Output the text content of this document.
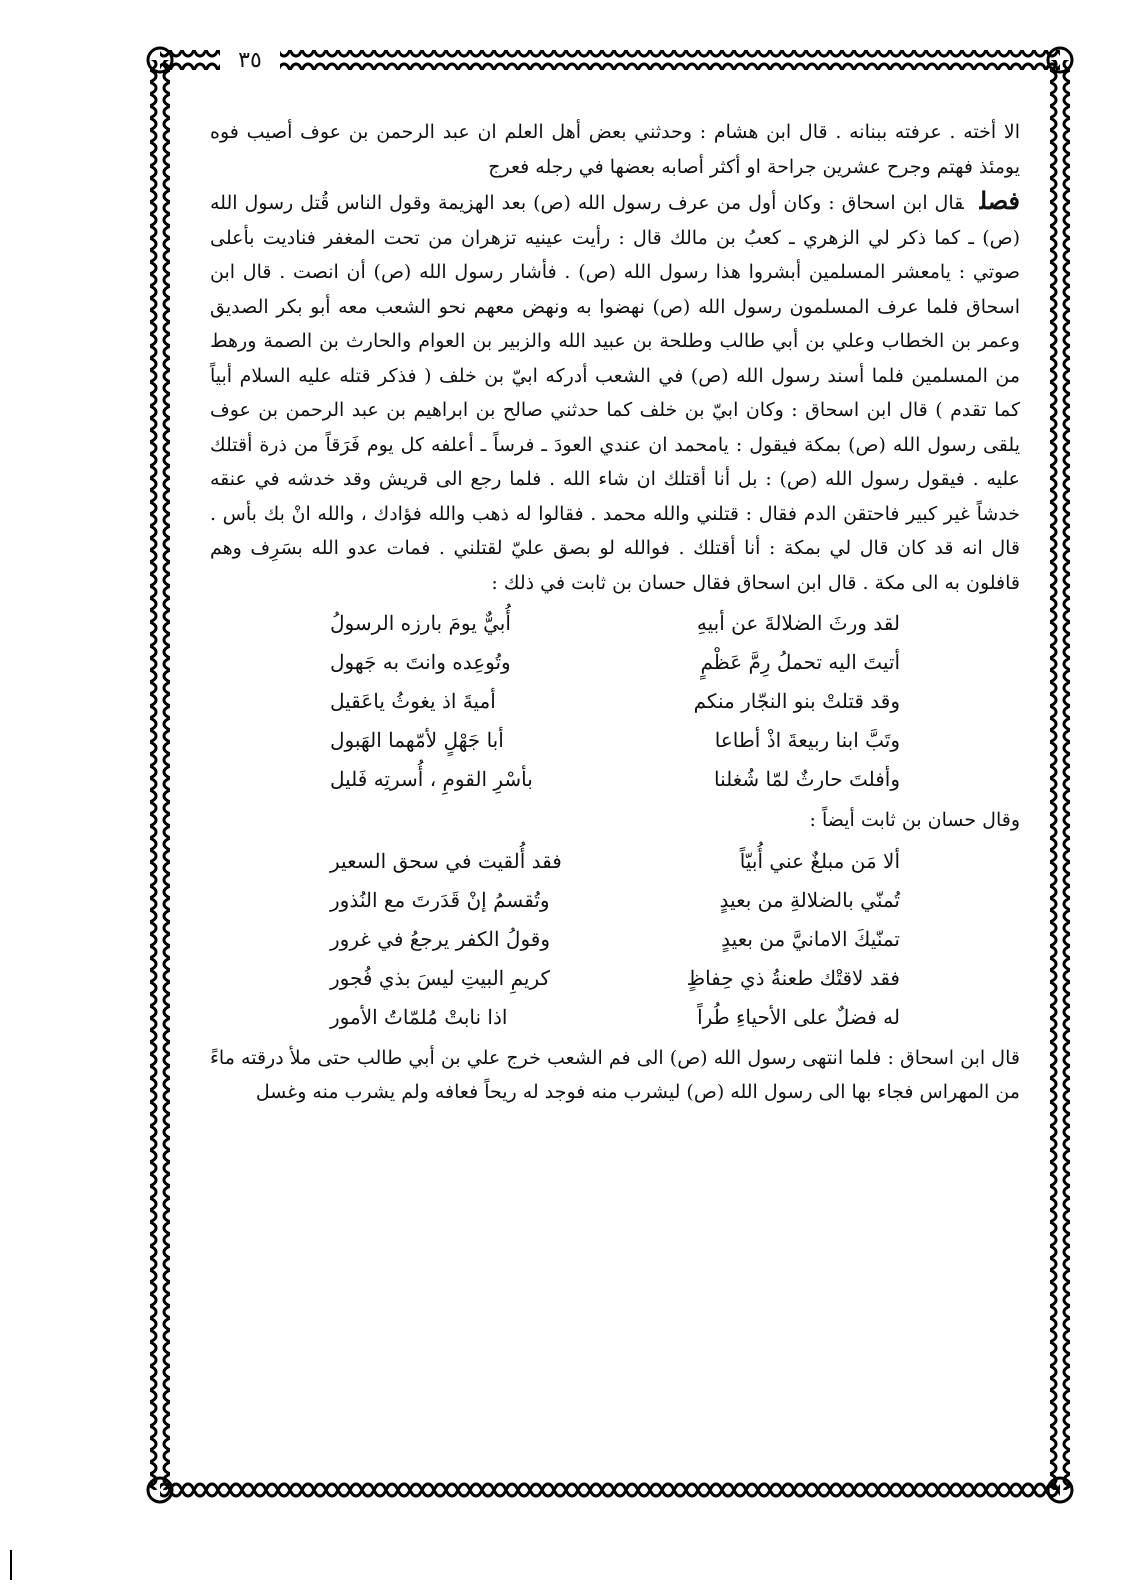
٣٥

الا أخته . عرفته ببنانه . قال ابن هشام : وحدثني بعض أهل العلم ان عبد الرحمن بن عوف أصيب فوه يومئذ فهتم وجرح عشرين جراحة او أكثر أصابه بعضها في رجله فعرج

فصلقال ابن اسحاق : وكان أول من عرف رسول الله (ص) بعد الهزيمة وقول الناس قُتل رسول الله (ص) ـ كما ذكر لي الزهري ـ كعبُ بن مالك قال : رأيت عينيه تزهران من تحت المغفر فناديت بأعلى صوتي : يامعشر المسلمين أبشروا هذا رسول الله (ص) . فأشار رسول الله (ص) أن انصت . قال ابن اسحاق فلما عرف المسلمون رسول الله (ص) نهضوا به ونهض معهم نحو الشعب معه أبو بكر الصديق وعمر بن الخطاب وعلي بن أبي طالب وطلحة بن عبيد الله والزبير بن العوام والحارث بن الصمة ورهط من المسلمين فلما أسند رسول الله (ص) في الشعب أدركه ابيّ بن خلف ( فذكر قتله عليه السلام أبياً كما تقدم ) قال ابن اسحاق : وكان ابيّ بن خلف كما حدثني صالح بن ابراهيم بن عبد الرحمن بن عوف يلقى رسول الله (ص) بمكة فيقول : يامحمد ان عندي العودَ ـ فرساً ـ أعلفه كل يوم فَرَقاً من ذرة أقتلك عليه . فيقول رسول الله (ص) : بل أنا أقتلك ان شاء الله . فلما رجع الى قريش وقد خدشه في عنقه خدشاً غير كبير فاحتقن الدم فقال : قتلني والله محمد . فقالوا له ذهب والله فؤادك ، والله انْ بك بأس . قال انه قد كان قال لي بمكة : أنا أقتلك . فوالله لو بصق عليّ لقتلني . فمات عدو الله بسَرِف وهم قافلون به الى مكة . قال ابن اسحاق فقال حسان بن ثابت في ذلك :

لقد ورثَ الضلالةَ عن أبيهِ
أُبيٌّ يومَ بارزه الرسولُ
أتيتَ اليه تحملُ رِمَّ عَظْمٍ
وتُوعِده وانتَ به جَهول
وقد قتلتْ بنو النجّار منكم
أميةَ اذ يغوثُ ياعَقيل
وتَبَّ ابنا ربيعةَ اذْ أطاعا
أبا جَهْلٍ لأمّهما الهَبول
وأفلتَ حارثٌ لمّا شُغلنا
بأسْرِ القومِ ، أُسرتِه فَليل

وقال حسان بن ثابت أيضاً :

ألا مَن مبلغٌ عني أُبيّاً
فقد أُلقيت في سحق السعير
تُمنّي بالضلالةِ من بعيدٍ
وتُقسمُ إنْ قَدَرتَ مع النُذور
تمنّيكَ الامانيَّ من بعيدٍ
وقولُ الكفر يرجعُ في غرور
فقد لاقتْك طعنةُ ذي حِفاظٍ
كريمِ البيتِ ليسَ بذي فُجور
له فضلٌ على الأحياءِ طُراً
اذا نابتْ مُلمّاتُ الأمور

قال ابن اسحاق : فلما انتهى رسول الله (ص) الى فم الشعب خرج علي بن أبي طالب حتى ملأ درقته ماءً من المهراس فجاء بها الى رسول الله (ص) ليشرب منه فوجد له ريحاً فعافه ولم يشرب منه وغسل
